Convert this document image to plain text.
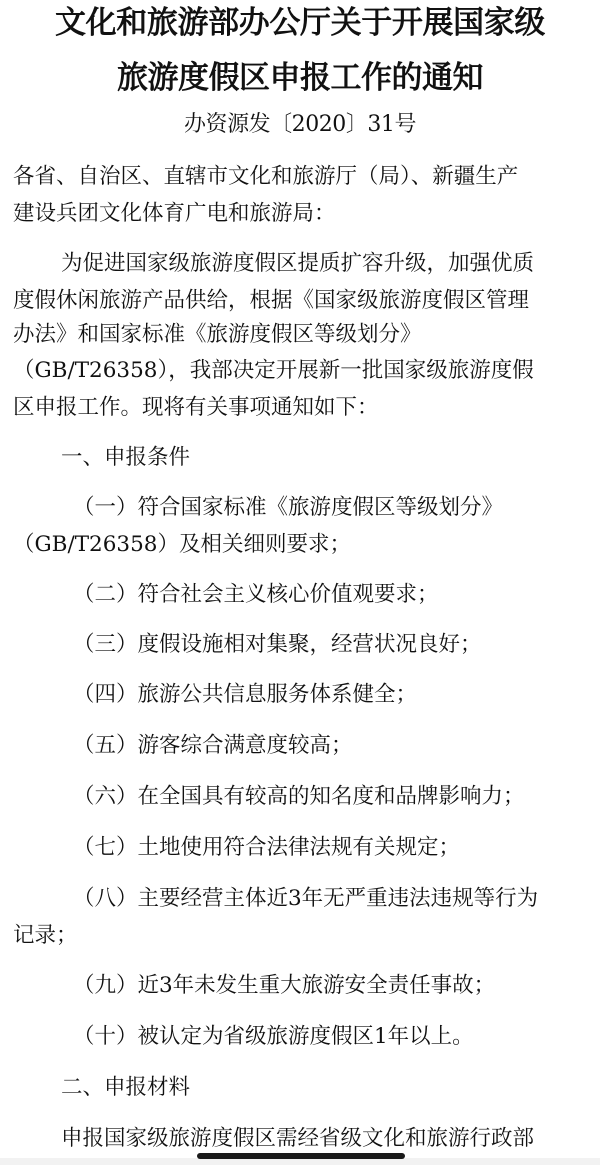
文化和旅游部办公厅关于开展国家级
旅游度假区申报工作的通知
办资源发〔2020〕31号
各省、自治区、直辖市文化和旅游厅（局）、新疆生产
建设兵团文化体育广电和旅游局：
为促进国家级旅游度假区提质扩容升级，加强优质
度假休闲旅游产品供给，根据《国家级旅游度假区管理
办法》和国家标准《旅游度假区等级划分》
（GB/T26358），我部决定开展新一批国家级旅游度假
区申报工作。现将有关事项通知如下：
一、申报条件
（一）符合国家标准《旅游度假区等级划分》
（GB/T26358）及相关细则要求；
（二）符合社会主义核心价值观要求；
（三）度假设施相对集聚，经营状况良好；
（四）旅游公共信息服务体系健全；
（五）游客综合满意度较高；
（六）在全国具有较高的知名度和品牌影响力；
（七）土地使用符合法律法规有关规定；
（八）主要经营主体近3年无严重违法违规等行为
记录；
（九）近3年未发生重大旅游安全责任事故；
（十）被认定为省级旅游度假区1年以上。
二、申报材料
申报国家级旅游度假区需经省级文化和旅游行政部
